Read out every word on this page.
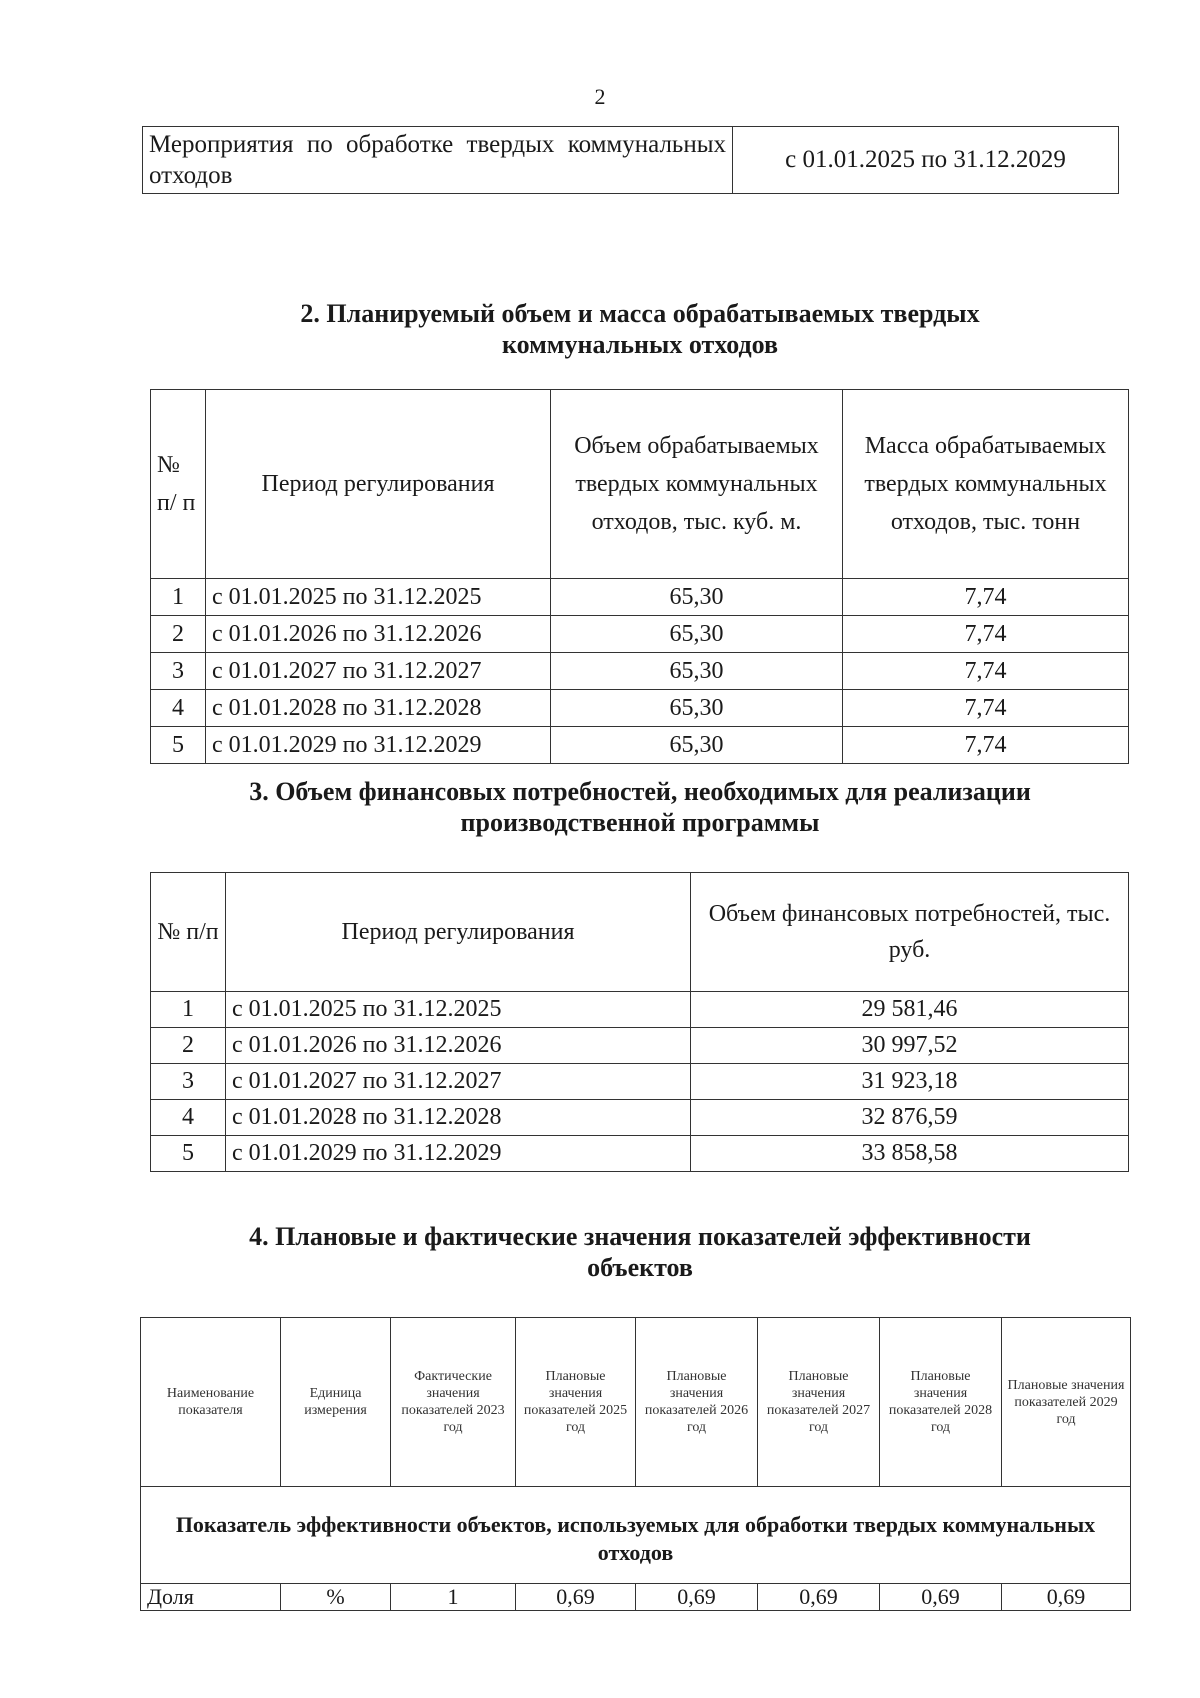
2
Мероприятия по обработке твердых коммунальных отходов	с 01.01.2025 по 31.12.2029
2. Планируемый объем и масса обрабатываемых твердых
коммунальных отходов
№ п/ п	Период регулирования	Объем обрабатываемых твердых коммунальных отходов, тыс. куб. м.	Масса обрабатываемых твердых коммунальных отходов, тыс. тонн
1	с 01.01.2025 по 31.12.2025	65,30	7,74
2	с 01.01.2026 по 31.12.2026	65,30	7,74
3	с 01.01.2027 по 31.12.2027	65,30	7,74
4	с 01.01.2028 по 31.12.2028	65,30	7,74
5	с 01.01.2029 по 31.12.2029	65,30	7,74
3. Объем финансовых потребностей, необходимых для реализации
производственной программы
№ п/п	Период регулирования	Объем финансовых потребностей, тыс. руб.
1	с 01.01.2025 по 31.12.2025	29 581,46
2	с 01.01.2026 по 31.12.2026	30 997,52
3	с 01.01.2027 по 31.12.2027	31 923,18
4	с 01.01.2028 по 31.12.2028	32 876,59
5	с 01.01.2029 по 31.12.2029	33 858,58
4. Плановые и фактические значения показателей эффективности
объектов
Наименование показателя	Единица измерения	Фактические значения показателей 2023 год	Плановые значения показателей 2025 год	Плановые значения показателей 2026 год	Плановые значения показателей 2027 год	Плановые значения показателей 2028 год	Плановые значения показателей 2029 год
Показатель эффективности объектов, используемых для обработки твердых коммунальных отходов							
Доля	%	1	0,69	0,69	0,69	0,69	0,69
